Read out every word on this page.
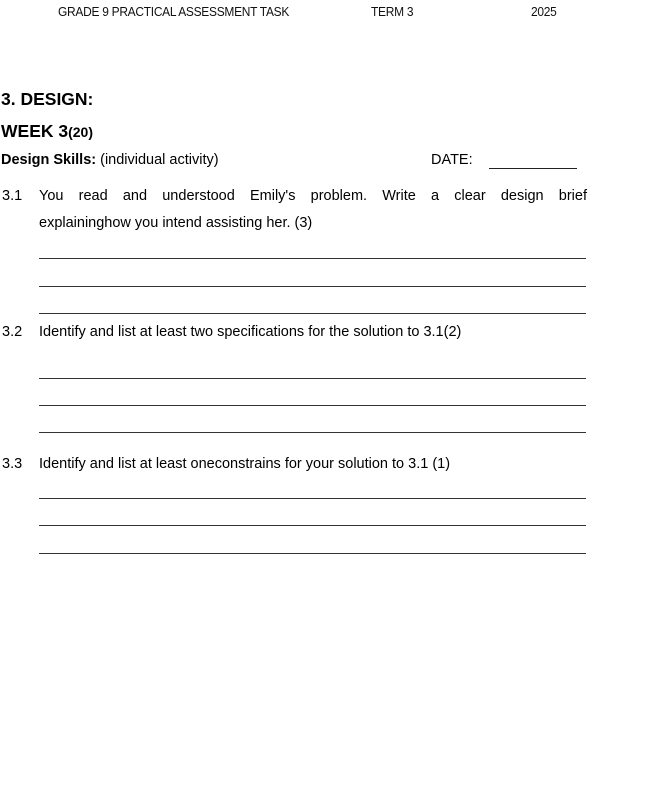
GRADE 9 PRACTICAL ASSESSMENT TASK	TERM 3	2025
3. DESIGN:
WEEK 3(20)
Design Skills: (individual activity)	DATE:
3.1 You read and understood Emily's problem. Write a clear design brief
explaininghow you intend assisting her. (3)
3.2 Identify and list at least two specifications for the solution to 3.1(2)
3.3 Identify and list at least oneconstrains for your solution to 3.1 (1)
